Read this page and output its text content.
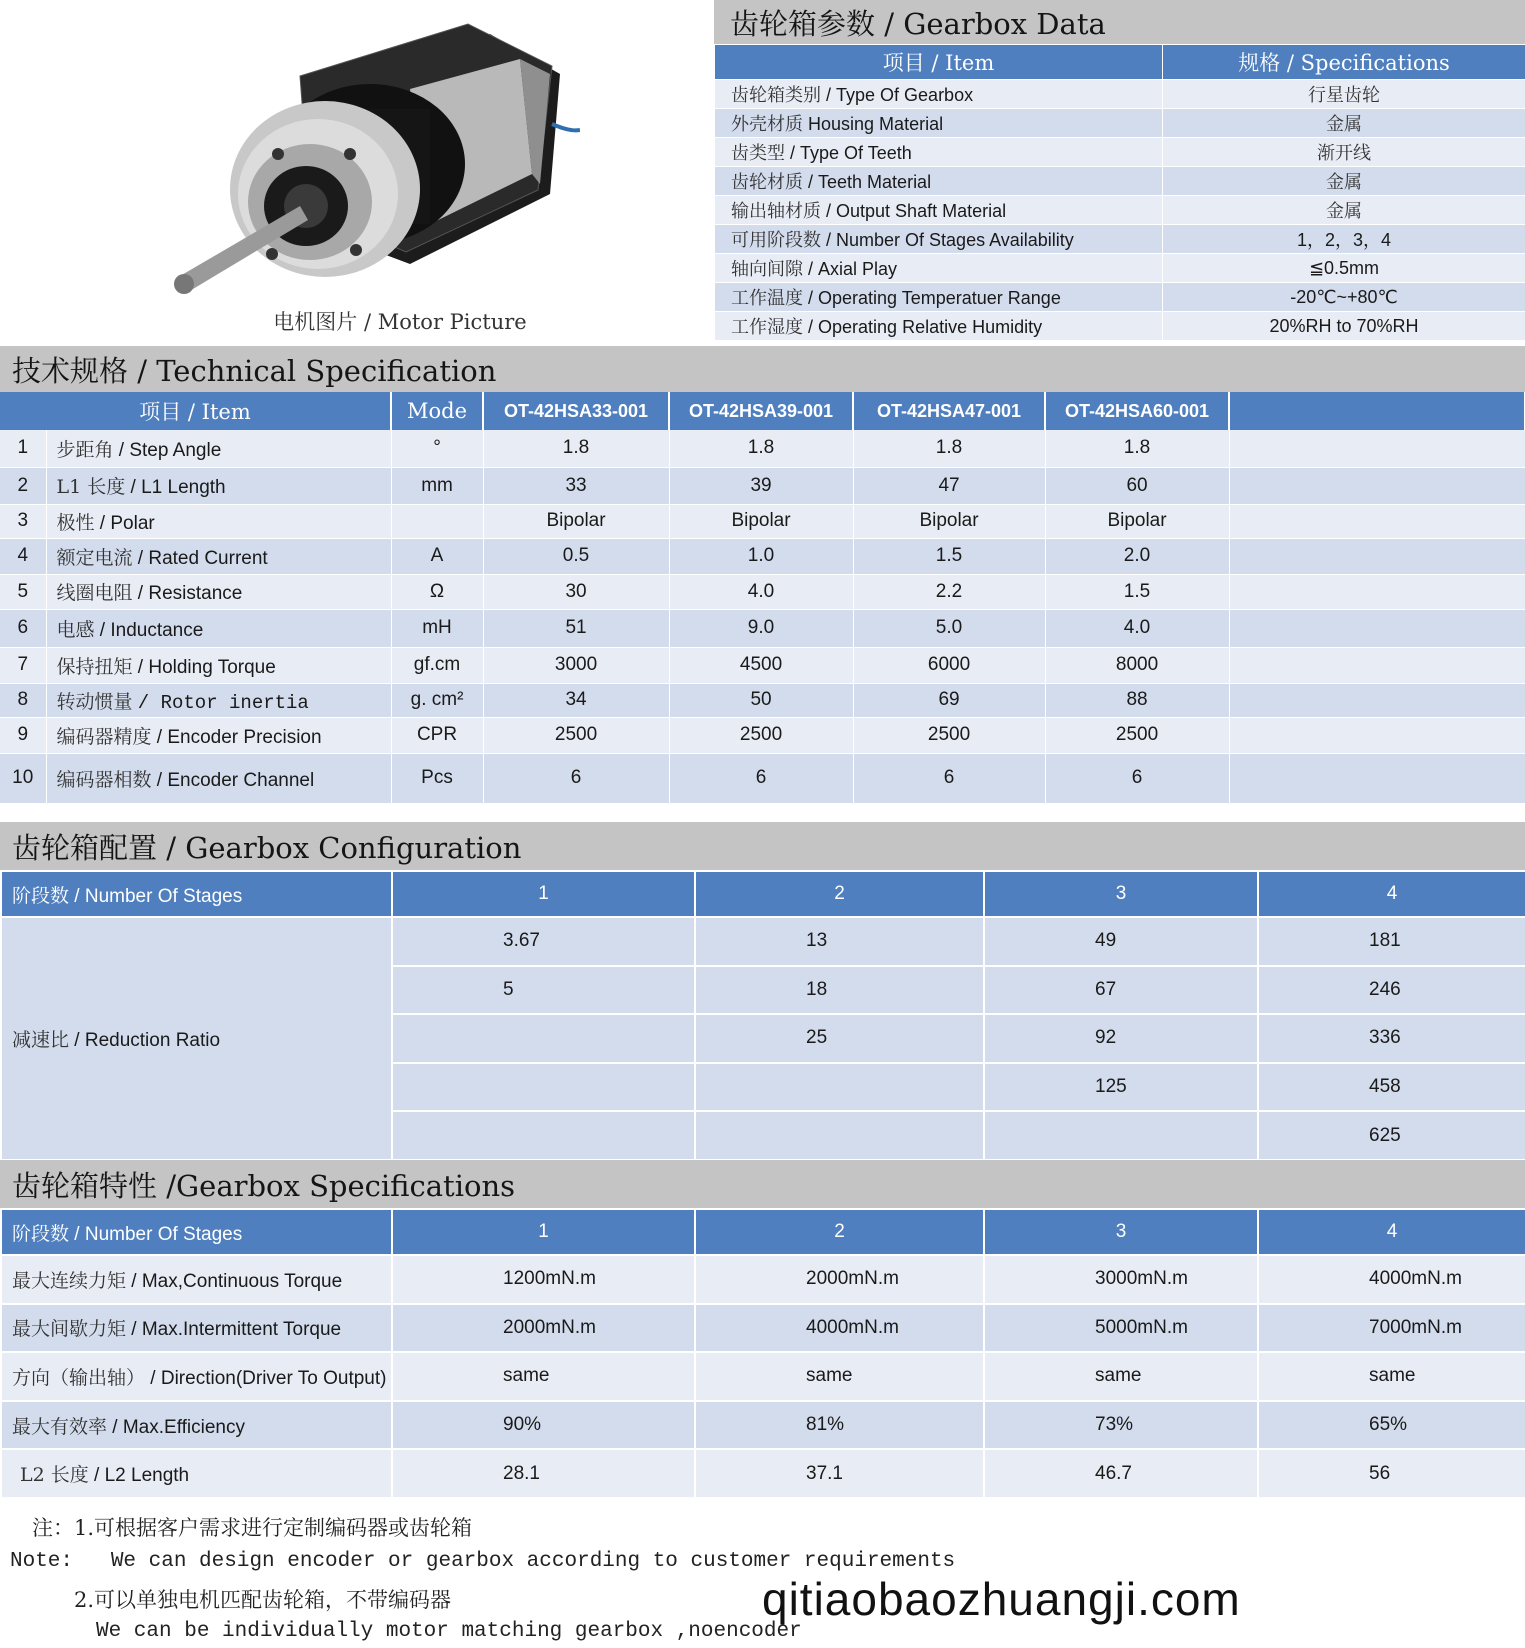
电机图片 / Motor Picture
齿轮箱参数 / Gearbox Data
项目 / Item	规格 / Specifications
齿轮箱类别 / Type Of Gearbox	行星齿轮
外壳材质 Housing Material	金属
齿类型 / Type Of Teeth	渐开线
齿轮材质 / Teeth Material	金属
输出轴材质 / Output Shaft Material	金属
可用阶段数 / Number Of Stages Availability	1，2，3，4
轴向间隙 / Axial Play	≦0.5mm
工作温度 / Operating Temperatuer Range	-20℃~+80℃
工作湿度 / Operating Relative Humidity	20%RH to 70%RH
技术规格 / Technical Specification
项目 / Item		Mode	OT-42HSA33-001	OT-42HSA39-001	OT-42HSA47-001	OT-42HSA60-001	
1	步距角 / Step Angle	°	1.8	1.8	1.8	1.8	
2	L1 长度 / L1 Length	mm	33	39	47	60	
3	极性 / Polar		Bipolar	Bipolar	Bipolar	Bipolar	
4	额定电流 / Rated Current	A	0.5	1.0	1.5	2.0	
5	线圈电阻 / Resistance	Ω	30	4.0	2.2	1.5	
6	电感 / Inductance	mH	51	9.0	5.0	4.0	
7	保持扭矩 / Holding Torque	gf.cm	3000	4500	6000	8000	
8	转动惯量 / Rotor inertia	g. cm²	34	50	69	88	
9	编码器精度 / Encoder Precision	CPR	2500	2500	2500	2500	
10	编码器相数 / Encoder Channel	Pcs	6	6	6	6	
齿轮箱配置 / Gearbox Configuration
阶段数 / Number Of Stages	1	2	3	4
减速比 / Reduction Ratio	3.67	13	49	181
	5	18	67	246
		25	92	336
			125	458
				625
齿轮箱特性 /Gearbox Specifications
阶段数 / Number Of Stages	1	2	3	4
最大连续力矩 / Max,Continuous Torque	1200mN.m	2000mN.m	3000mN.m	4000mN.m
最大间歇力矩 / Max.Intermittent Torque	2000mN.m	4000mN.m	5000mN.m	7000mN.m
方向（输出轴） / Direction(Driver To Output)	same	same	same	same
最大有效率 / Max.Efficiency	90%	81%	73%	65%
L2 长度 / L2 Length	28.1	37.1	46.7	56
注：1.可根据客户需求进行定制编码器或齿轮箱
Note:   We can design encoder or gearbox according to customer requirements
2.可以单独电机匹配齿轮箱，不带编码器
We can be individually motor matching gearbox ,noencoder
qitiaobaozhuangji.com
